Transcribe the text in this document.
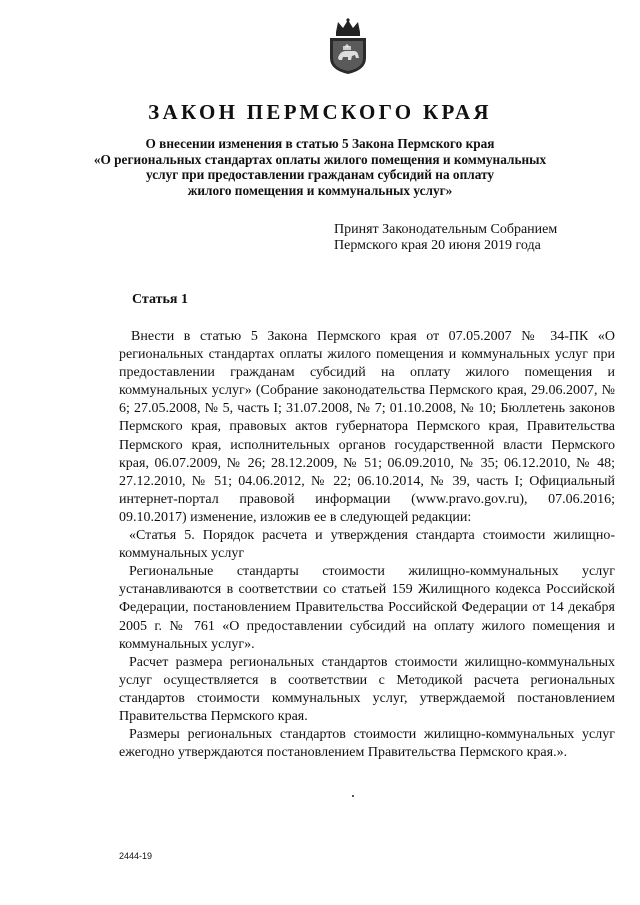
ЗАКОН ПЕРМСКОГО КРАЯ
О внесении изменения в статью 5 Закона Пермского края
«О региональных стандартах оплаты жилого помещения и коммунальных
услуг при предоставлении гражданам субсидий на оплату
жилого помещения и коммунальных услуг»
Принят Законодательным Собранием
Пермского края 20 июня 2019 года
Статья 1

Внести в статью 5 Закона Пермского края от 07.05.2007 № 34-ПК «О региональных стандартах оплаты жилого помещения и коммунальных услуг при предоставлении гражданам субсидий на оплату жилого помещения и коммунальных услуг» (Собрание законодательства Пермского края, 29.06.2007, № 6; 27.05.2008, № 5, часть I; 31.07.2008, № 7; 01.10.2008, № 10; Бюллетень законов Пермского края, правовых актов губернатора Пермского края, Правительства Пермского края, исполнительных органов государственной власти Пермского края, 06.07.2009, № 26; 28.12.2009, № 51; 06.09.2010, № 35; 06.12.2010, № 48; 27.12.2010, № 51; 04.06.2012, № 22; 06.10.2014, № 39, часть I; Официальный интернет-портал правовой информации (www.pravo.gov.ru), 07.06.2016; 09.10.2017) изменение, изложив ее в следующей редакции:

«Статья 5. Порядок расчета и утверждения стандарта стоимости жилищно-коммунальных услуг

Региональные стандарты стоимости жилищно-коммунальных услуг устанавливаются в соответствии со статьей 159 Жилищного кодекса Российской Федерации, постановлением Правительства Российской Федерации от 14 декабря 2005 г. № 761 «О предоставлении субсидий на оплату жилого помещения и коммунальных услуг».

Расчет размера региональных стандартов стоимости жилищно-коммунальных услуг осуществляется в соответствии с Методикой расчета региональных стандартов стоимости коммунальных услуг, утверждаемой постановлением Правительства Пермского края.

Размеры региональных стандартов стоимости жилищно-коммунальных услуг ежегодно утверждаются постановлением Правительства Пермского края.».

2444-19
